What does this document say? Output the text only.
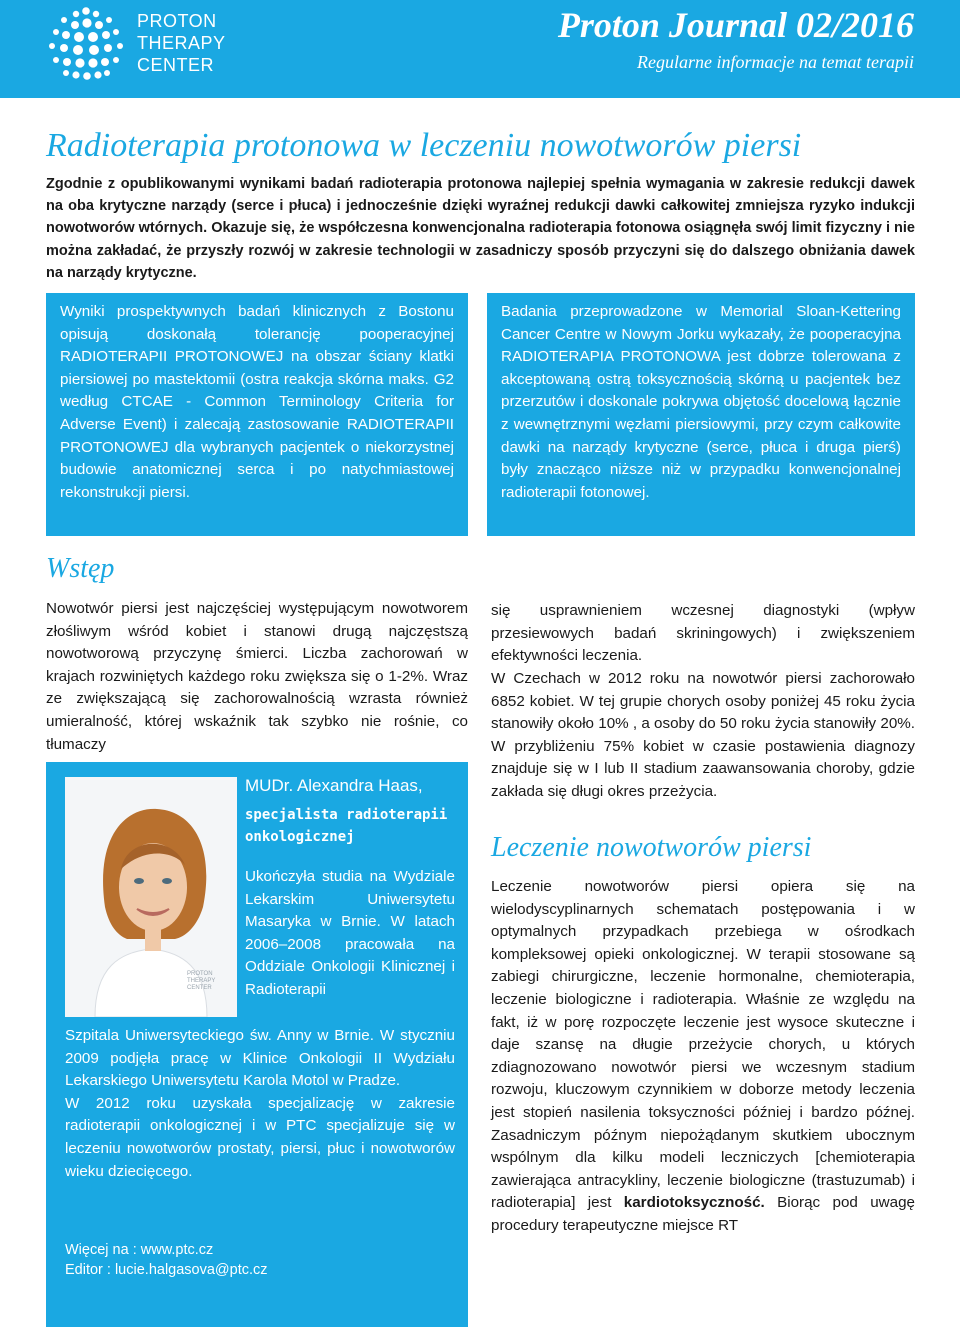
PROTON
THERAPY
CENTER
Proton Journal 02/2016
Regularne informacje na temat terapii
Radioterapia protonowa w leczeniu nowotworów piersi

Zgodnie z opublikowanymi wynikami badań radioterapia protonowa najlepiej spełnia wymagania w zakresie redukcji dawek na oba krytyczne narządy (serce i płuca) i jednocześnie dzięki wyraźnej redukcji dawki całkowitej zmniejsza ryzyko indukcji nowotworów wtórnych. Okazuje się, że współczesna konwencjonalna radioterapia fotonowa osiągnęła swój limit fizyczny i nie można zakładać, że przyszły rozwój w zakresie technologii w zasadniczy sposób przyczyni się do dalszego obniżania dawek na narządy krytyczne.

Wyniki prospektywnych badań klinicznych z Bostonu opisują doskonałą tolerancję pooperacyjnej RADIOTERAPII PROTONOWEJ na obszar ściany klatki piersiowej po mastektomii (ostra reakcja skórna maks. G2 według CTCAE - Common Terminology Criteria for Adverse Event) i zalecają zastosowanie RADIOTERAPII PROTONOWEJ dla wybranych pacjentek o niekorzystnej budowie anatomicznej serca i po natychmiastowej rekonstrukcji piersi.

Badania przeprowadzone w Memorial Sloan-Kettering Cancer Centre w Nowym Jorku wykazały, że pooperacyjna RADIOTERAPIA PROTONOWA jest dobrze tolerowana z akceptowaną ostrą toksycznością skórną u pacjentek bez przerzutów i doskonale pokrywa objętość docelową łącznie z wewnętrznymi węzłami piersiowymi, przy czym całkowite dawki na narządy krytyczne (serce, płuca i druga pierś) były znacząco niższe niż w przypadku konwencjonalnej radioterapii fotonowej.

Wstęp

Nowotwór piersi jest najczęściej występującym nowotworem złośliwym wśród kobiet i stanowi drugą najczęstszą nowotworową przyczynę śmierci. Liczba zachorowań w krajach rozwiniętych każdego roku zwiększa się o 1-2%. Wraz ze zwiększającą się zachorowalnością wzrasta również umieralność, której wskaźnik tak szybko nie rośnie, co tłumaczy

PROTON
THERAPY
CENTER
MUDr. Alexandra Haas,
specjalista radioterapii onkologicznej

Ukończyła studia na Wydziale Lekarskim Uniwersytetu Masaryka w Brnie. W latach 2006–2008 pracowała na Oddziale Onkologii Klinicznej i Radioterapii

Szpitala Uniwersyteckiego św. Anny w Brnie. W styczniu 2009 podjęła pracę w Klinice Onkologii II Wydziału Lekarskiego Uniwersytetu Karola Motol w Pradze.

W 2012 roku uzyskała specjalizację w zakresie radioterapii onkologicznej i w PTC specjalizuje się w leczeniu nowotworów prostaty, piersi, płuc i nowotworów wieku dziecięcego.

Więcej na : www.ptc.cz
Editor : lucie.halgasova@ptc.cz

się usprawnieniem wczesnej diagnostyki (wpływ przesiewowych badań skriningowych) i zwiększeniem efektywności leczenia.

W Czechach w 2012 roku na nowotwór piersi zachorowało 6852 kobiet. W tej grupie chorych osoby poniżej 45 roku życia stanowiły około 10% , a osoby do 50 roku życia stanowiły 20%. W przybliżeniu 75% kobiet w czasie postawienia diagnozy znajduje się w I lub II stadium zaawansowania choroby, gdzie zakłada się długi okres przeżycia.

Leczenie nowotworów piersi

Leczenie nowotworów piersi opiera się na wielodyscyplinarnych schematach postępowania i w optymalnych przypadkach przebiega w ośrodkach kompleksowej opieki onkologicznej. W terapii stosowane są zabiegi chirurgiczne, leczenie hormonalne, chemioterapia, leczenie biologiczne i radioterapia. Właśnie ze względu na fakt, iż w porę rozpoczęte leczenie jest wysoce skuteczne i daje szansę na długie przeżycie chorych, u których zdiagnozowano nowotwór piersi we wczesnym stadium rozwoju, kluczowym czynnikiem w doborze metody leczenia jest stopień nasilenia toksyczności później i bardzo późnej. Zasadniczym późnym niepożądanym skutkiem ubocznym wspólnym dla kilku modeli leczniczych [chemioterapia zawierająca antracykliny, leczenie biologiczne (trastuzumab) i radioterapia] jest kardiotoksyczność. Biorąc pod uwagę procedury terapeutyczne miejsce RT
